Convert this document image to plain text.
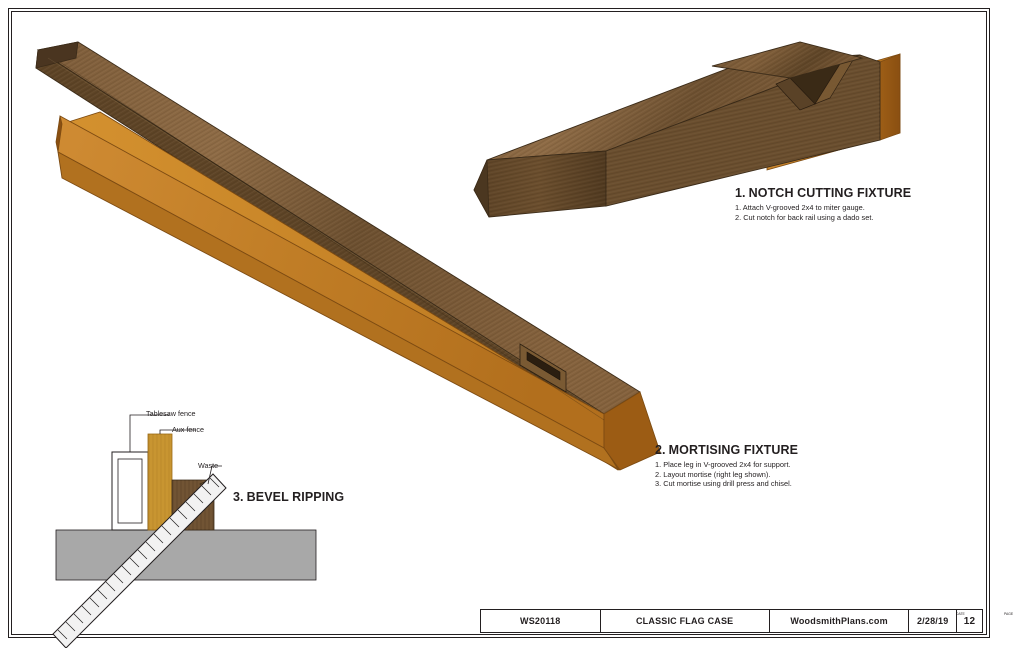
1. NOTCH CUTTING FIXTURE
1. Attach V-grooved 2x4 to miter gauge.
2. Cut notch for back rail using a dado set.
2. MORTISING FIXTURE
1. Place leg in V-grooved 2x4 for support.
2. Layout mortise (right leg shown).
3. Cut mortise using drill press and chisel.
3. BEVEL RIPPING
Tablesaw fence
Aux fence
Waste
WS20118	CLASSIC FLAG CASE	WoodsmithPlans.com	2/28/19	12
DATE	PAGE
